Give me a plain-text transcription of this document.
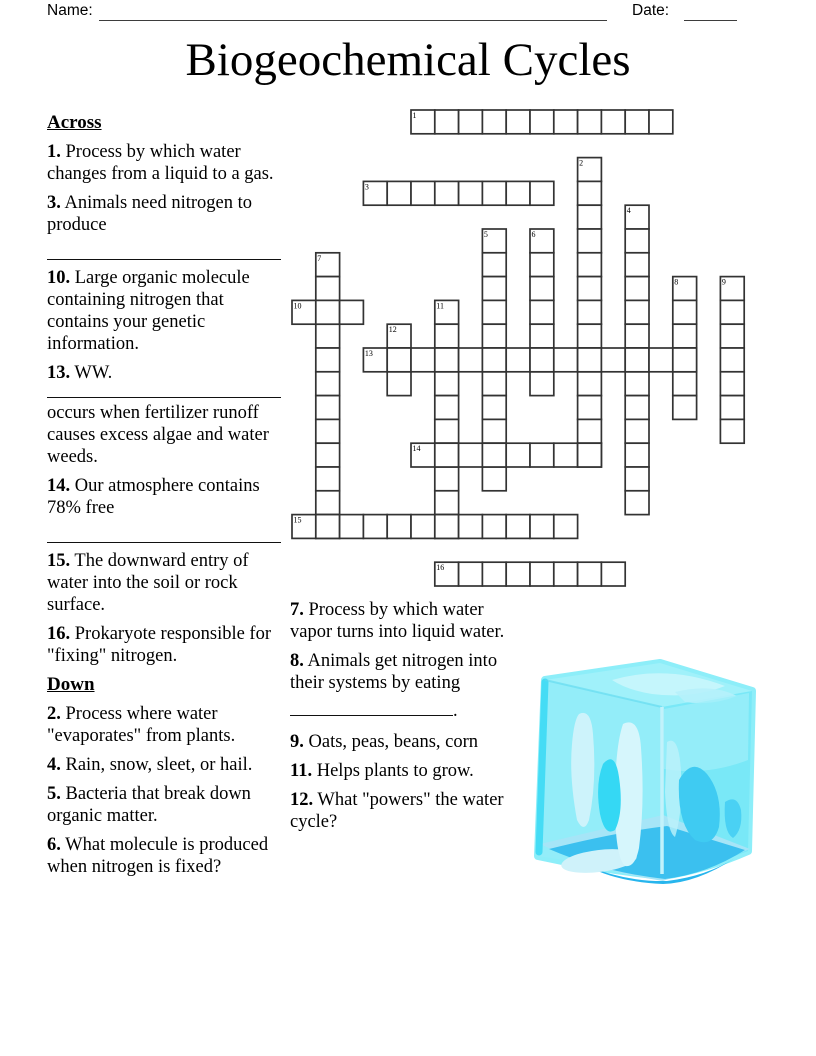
Name:	Date:
Biogeochemical Cycles
1
2
3
4
5	6
7
8	9
10	11
12
13
14
15
16
Across

1. Process by which water changes from a liquid to a gas.

3. Animals need nitrogen to produce

10. Large organic molecule containing nitrogen that contains your genetic information.

13. WW.
occurs when fertilizer runoff causes excess algae and water weeds.

14. Our atmosphere contains 78% free

15. The downward entry of water into the soil or rock surface.

16. Prokaryote responsible for "fixing" nitrogen.

Down

2. Process where water "evaporates" from plants.

4. Rain, snow, sleet, or hail.

5. Bacteria that break down organic matter.

6. What molecule is produced when nitrogen is fixed?

7. Process by which water vapor turns into liquid water.

8. Animals get nitrogen into their systems by eating
.

9. Oats, peas, beans, corn

11. Helps plants to grow.

12. What "powers" the water cycle?
